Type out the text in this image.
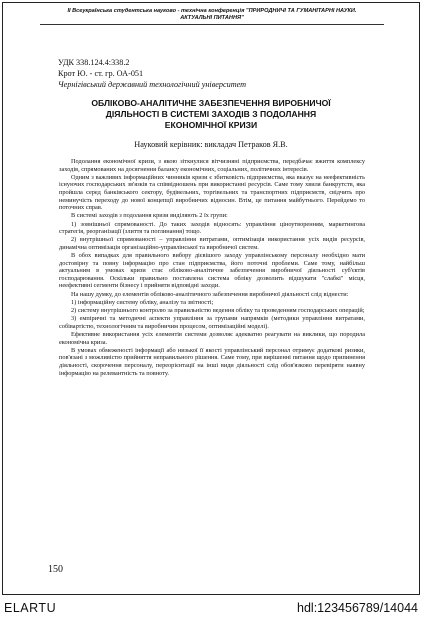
ІІ Всеукраїнська студентська науково - технічна конференція "ПРИРОДНИЧІ ТА ГУМАНІТАРНІ НАУКИ.
АКТУАЛЬНІ ПИТАННЯ"
УДК 338.124.4:338.2
Крот Ю. - ст. гр. ОА-051
Чернігівський державний технологічний університет
ОБЛІКОВО-АНАЛІТИЧНЕ ЗАБЕЗПЕЧЕННЯ ВИРОБНИЧОЇ
ДІЯЛЬНОСТІ В СИСТЕМІ ЗАХОДІВ З ПОДОЛАННЯ
ЕКОНОМІЧНОЇ КРИЗИ
Науковий керівник: викладач Петраков Я.В.

Подолання економічної кризи, з якою зіткнулися вітчизняні підприємства, передбачає вжиття комплексу заходів, спрямованих на досягнення балансу економічних, соціальних, політичних інтересів.

Одним з важливих інформаційних чинників кризи є збитковість підприємства, яка вказує на неефективність існуючих господарських зв'язків та співвідношень при використанні ресурсів. Саме тому хвиля банкрутств, яка пройшла серед банківського сектору, будівельних, торгівельних та транспортних підприємств, свідчить про неминучість переходу до нової концепції виробничих відносин. Втім, це питання майбутнього. Перейдемо то поточних справ.

В системі заходів з подолання кризи виділяють 2 їх групи:

1) зовнішньої спрямованості. До таких заходів відносять: управління ціноутворенням, маркетингова стратегія, реорганізації (злиття та поглинання) тощо.

2) внутрішньої спрямованості – управління витратами, оптимізація використання усіх видів ресурсів, динамічна оптимізація організаційно-управлінської та виробничої систем.

В обох випадках для правильного вибору дієвішого заходу управлінському персоналу необхідно мати достовірну та повну інформацію про стан підприємства, його поточні проблеми. Саме тому, найбільш актуальним в умовах кризи стає обліково-аналітичне забезпечення виробничої діяльності суб'єктів господарювання. Оскільки правильно поставлена система обліку дозволить відшукати "слабкі" місця, неефективні сегменти бізнесу і прийняти відповідні заходи.

На нашу думку, до елементів обліково-аналітичного забезпечення виробничої діяльності слід віднести:

1) інформаційну систему обліку, аналізу та звітності;

2) систему внутрішнього контролю за правильністю ведення обліку та проведенням господарських операцій;

3) емпіричні та методичні аспекти управління за групами напрямків (методики управління витратами, собівартістю, технологічним та виробничим процесом, оптимізаційні моделі).

Ефективне використання усіх елементів системи дозволяє адекватно реагувати на виклики, що породила економічна криза.

В умовах обмеженості інформації або низької її якості управлінський персонал отримує додаткові ризики, пов'язані з можливістю прийняття неправильного рішення. Саме тому, при вирішенні питання щодо припинення діяльності, скорочення персоналу, переорієнтації на інші види діяльності слід обов'язково перевіряти наявну інформацію на релевантність та повноту.

150
ELARTU	hdl:123456789/14044
